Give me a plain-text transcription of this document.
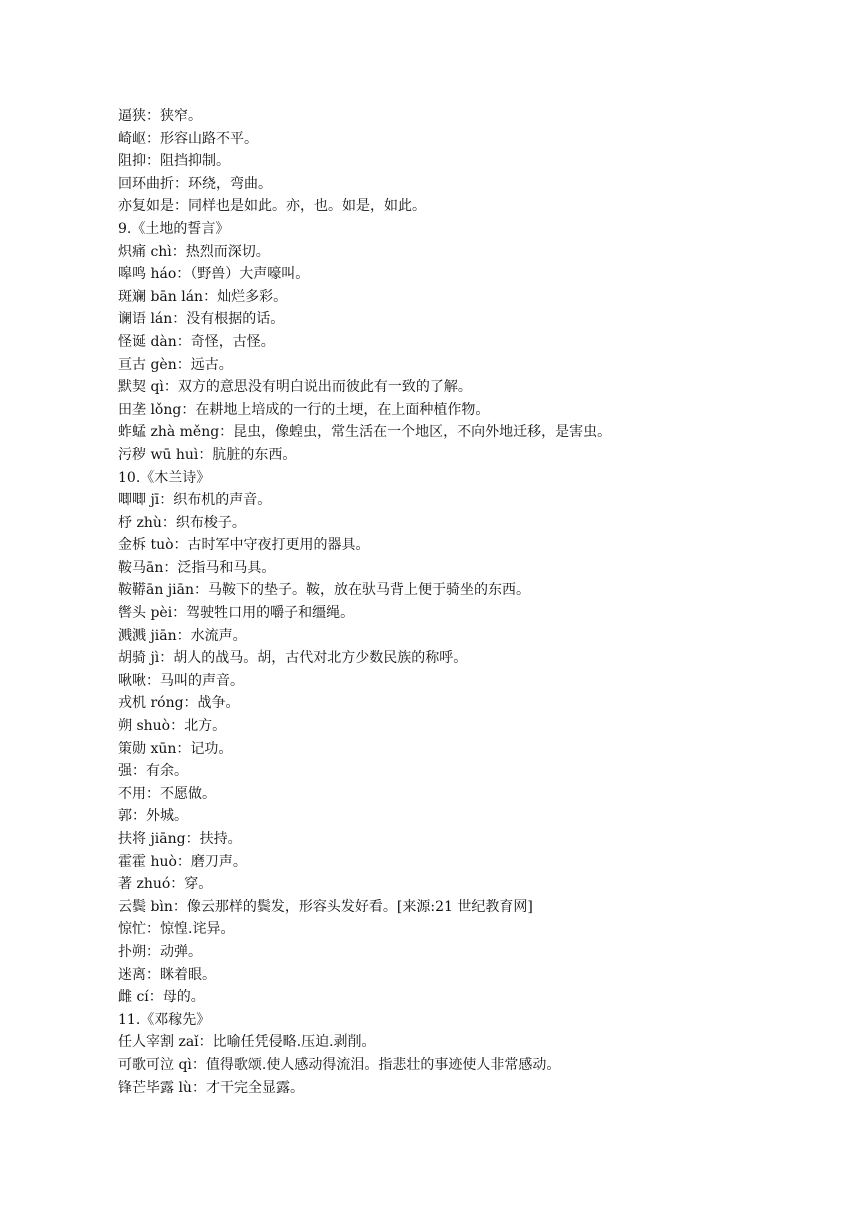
逼狭：狭窄。
崎岖：形容山路不平。
阻抑：阻挡抑制。
回环曲折：环绕，弯曲。
亦复如是：同样也是如此。亦，也。如是，如此。
9.《土地的誓言》
炽痛 chì：热烈而深切。
嗥鸣 háo：（野兽）大声嚎叫。
斑斓 bān lán：灿烂多彩。
谰语 lán：没有根据的话。
怪诞 dàn：奇怪，古怪。
亘古 gèn：远古。
默契 qì：双方的意思没有明白说出而彼此有一致的了解。
田垄 lǒng：在耕地上培成的一行的土埂，在上面种植作物。
蚱蜢 zhà měng：昆虫，像蝗虫，常生活在一个地区，不向外地迁移，是害虫。
污秽 wū huì：肮脏的东西。
10.《木兰诗》
唧唧 jī：织布机的声音。
杼 zhù：织布梭子。
金柝 tuò：古时军中守夜打更用的器具。
鞍马ān：泛指马和马具。
鞍鞯ān jiān：马鞍下的垫子。鞍，放在驮马背上便于骑坐的东西。
辔头 pèi：驾驶牲口用的嚼子和缰绳。
溅溅 jiān：水流声。
胡骑 jì：胡人的战马。胡，古代对北方少数民族的称呼。
啾啾：马叫的声音。
戎机 róng：战争。
朔 shuò：北方。
策勋 xūn：记功。
强：有余。
不用：不愿做。
郭：外城。
扶将 jiāng：扶持。
霍霍 huò：磨刀声。
著 zhuó：穿。
云鬓 bìn：像云那样的鬓发，形容头发好看。[来源:21 世纪教育网]
惊忙：惊惶.诧异。
扑朔：动弹。
迷离：眯着眼。
雌 cí：母的。
11.《邓稼先》
任人宰割 zaǐ：比喻任凭侵略.压迫.剥削。
可歌可泣 qì：值得歌颂.使人感动得流泪。指悲壮的事迹使人非常感动。
锋芒毕露 lù：才干完全显露。
